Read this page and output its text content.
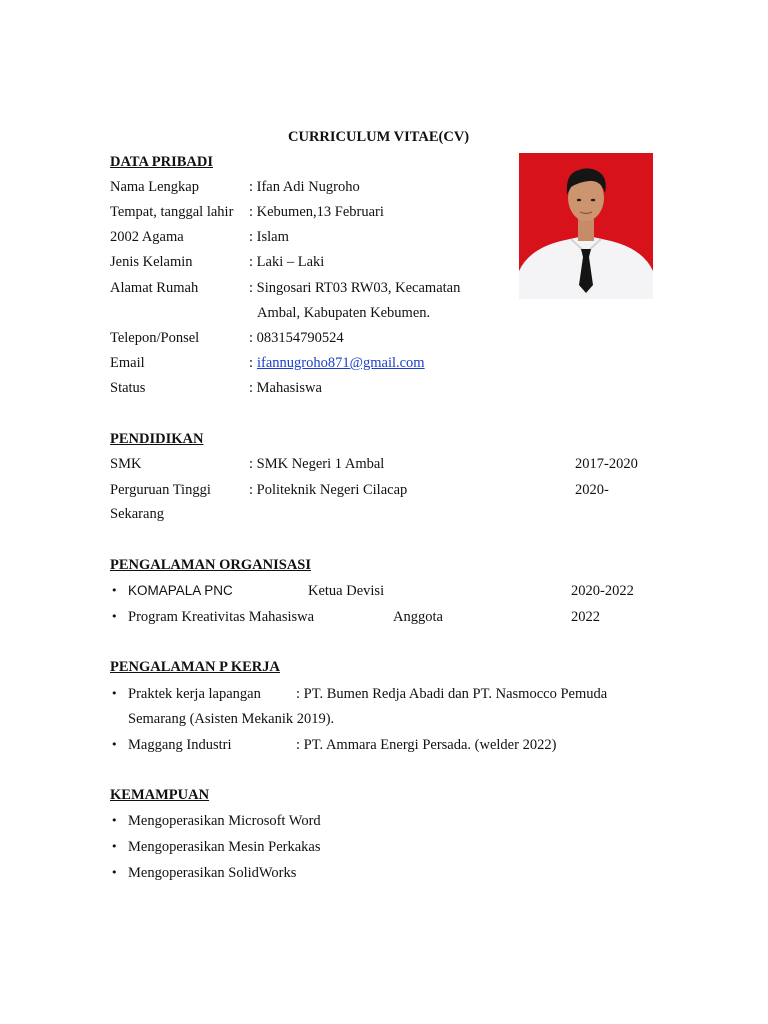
CURRICULUM VITAE(CV)
DATA PRIBADI
Nama Lengkap	: Ifan Adi Nugroho
Tempat, tanggal lahir : Kebumen,13 Februari
2002 Agama	: Islam
Jenis Kelamin	: Laki – Laki
Alamat Rumah	: Singosari RT03 RW03, Kecamatan
Ambal, Kabupaten Kebumen.
Telepon/Ponsel	: 083154790524
Email	: ifannugroho871@gmail.com
Status	: Mahasiswa
PENDIDIKAN
SMK	: SMK Negeri 1 Ambal	2017-2020
Perguruan Tinggi	: Politeknik Negeri Cilacap	2020-
Sekarang
PENGALAMAN ORGANISASI
• KOMAPALA PNC	Ketua Devisi	2020-2022
• Program Kreativitas Mahasiswa	Anggota	2022
PENGALAMAN P KERJA
• Praktek kerja lapangan : PT. Bumen Redja Abadi dan PT. Nasmocco Pemuda
Semarang (Asisten Mekanik 2019).
• Maggang Industri	: PT. Ammara Energi Persada. (welder 2022)
KEMAMPUAN
• Mengoperasikan Microsoft Word
• Mengoperasikan Mesin Perkakas
• Mengoperasikan SolidWorks
